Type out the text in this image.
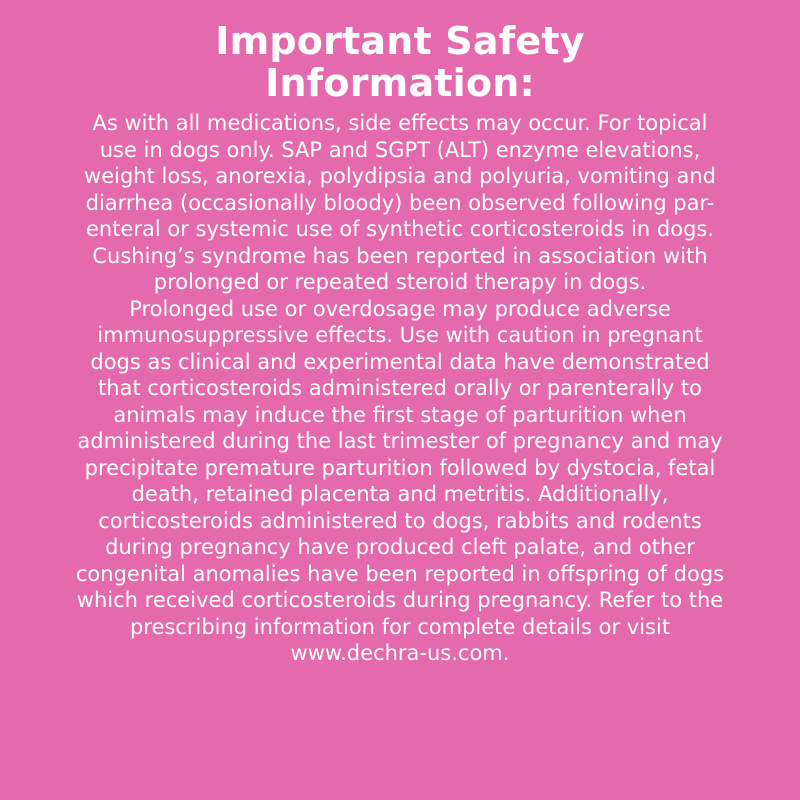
Important Safety
Information:

As with all medications, side effects may occur. For topical
use in dogs only. SAP and SGPT (ALT) enzyme elevations,
weight loss, anorexia, polydipsia and polyuria, vomiting and
diarrhea (occasionally bloody) been observed following par-
enteral or systemic use of synthetic corticosteroids in dogs.
Cushing’s syndrome has been reported in association with
prolonged or repeated steroid therapy in dogs.
Prolonged use or overdosage may produce adverse
immunosuppressive effects. Use with caution in pregnant
dogs as clinical and experimental data have demonstrated
that corticosteroids administered orally or parenterally to
animals may induce the first stage of parturition when
administered during the last trimester of pregnancy and may
precipitate premature parturition followed by dystocia, fetal
death, retained placenta and metritis. Additionally,
corticosteroids administered to dogs, rabbits and rodents
during pregnancy have produced cleft palate, and other
congenital anomalies have been reported in offspring of dogs
which received corticosteroids during pregnancy. Refer to the
prescribing information for complete details or visit
www.dechra-us.com.
